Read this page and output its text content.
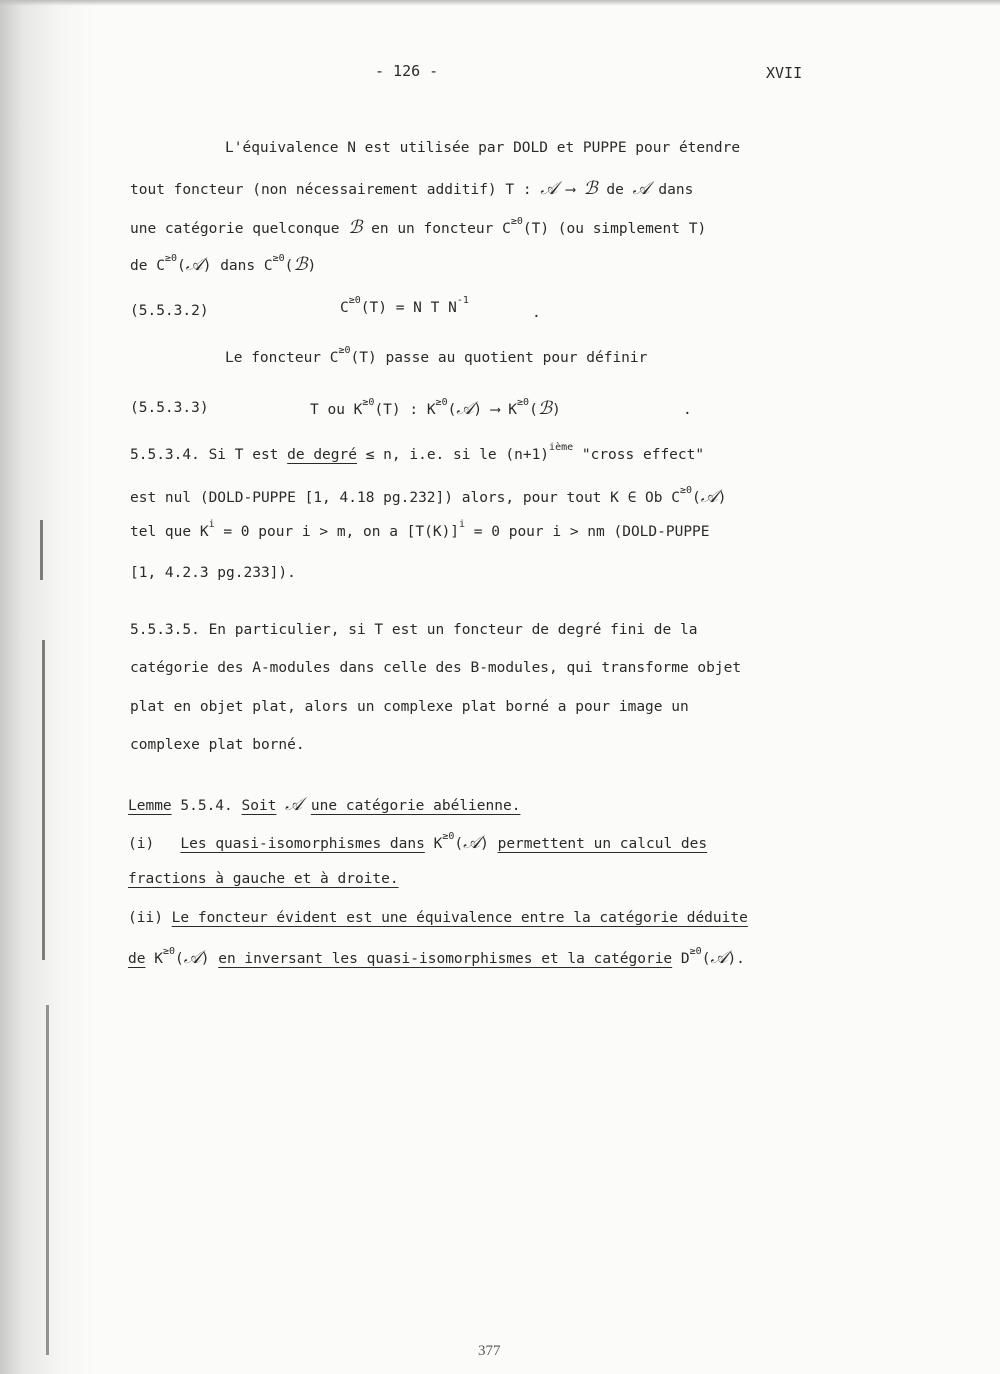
- 126 -	XVII
L'équivalence N est utilisée par DOLD et PUPPE pour étendre
tout foncteur (non nécessairement additif) T : 𝒜 ⟶ ℬ de 𝒜 dans
une catégorie quelconque ℬ en un foncteur $C^{\ge 0}(T)$ (ou simplement T)
de $C^{\ge 0}(𝒜)$ dans $C^{\ge 0}(ℬ)$
(5.5.3.2)	$C^{\ge 0}(T) = N$ T $N^{-1}$
.
Le foncteur $C^{\ge 0}(T)$ passe au quotient pour définir
(5.5.3.3)	T ou $K^{\ge 0}(T)$ : $K^{\ge 0}(𝒜)$ ⟶ $K^{\ge 0}(ℬ)$	.
5.5.3.4. Si T est de degré ≤ n, i.e. si le $(n+1)^{ième}$ "cross effect"
est nul (DOLD-PUPPE [1, 4.18 pg.232]) alors, pour tout K ∈ Ob $C^{\ge 0}(𝒜)$
tel que $K^i = 0$ pour i > m, on a $[T(K)]^i = 0$ pour i > nm (DOLD-PUPPE
[1, 4.2.3 pg.233]).
5.5.3.5. En particulier, si T est un foncteur de degré fini de la
catégorie des A-modules dans celle des B-modules, qui transforme objet
plat en objet plat, alors un complexe plat borné a pour image un
complexe plat borné.
Lemme 5.5.4. Soit 𝒜 une catégorie abélienne.
(i) Les quasi-isomorphismes dans $K^{\ge 0}(𝒜)$ permettent un calcul des
fractions à gauche et à droite.
(ii) Le foncteur évident est une équivalence entre la catégorie déduite
de $K^{\ge 0}(𝒜)$ en inversant les quasi-isomorphismes et la catégorie $D^{\ge 0}(𝒜)$.
377
